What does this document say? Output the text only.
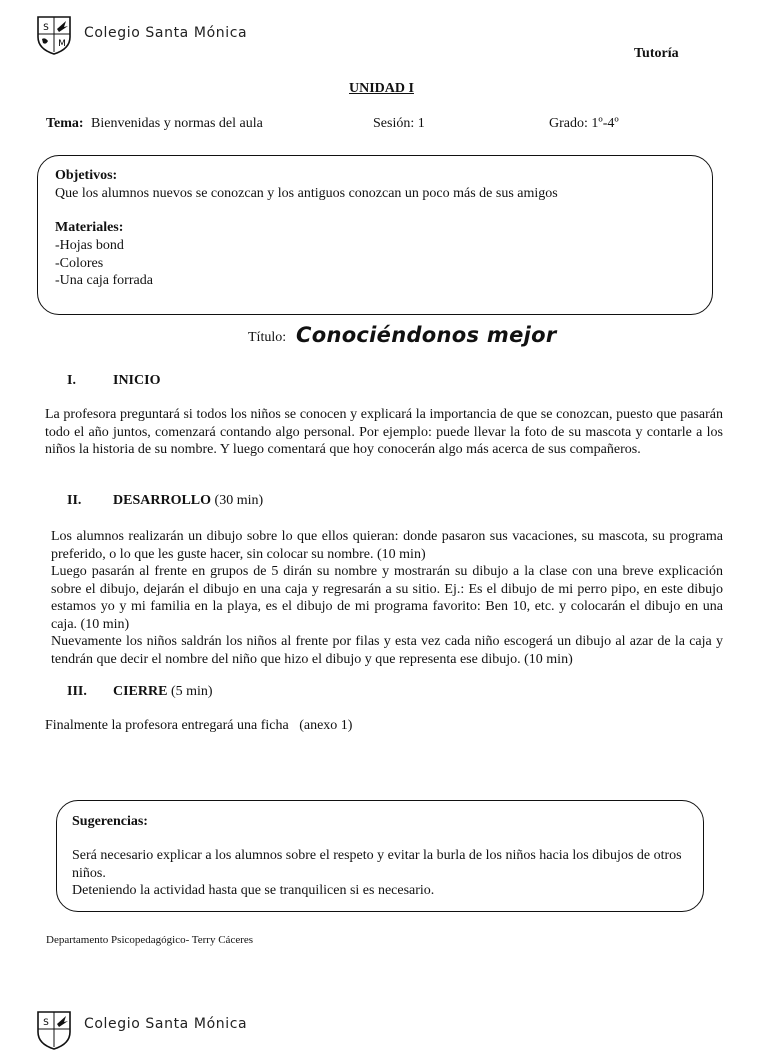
S
M
Colegio Santa Mónica
Tutoría
UNIDAD I
Tema: Bienvenidas y normas del aula	Sesión: 1	Grado: 1º-4º
Objetivos:
Que los alumnos nuevos se conozcan y los antiguos conozcan un poco más de sus amigos
Materiales:
-Hojas bond
-Colores
-Una caja forrada
Título: Conociéndonos mejor
I.	INICIO

La profesora preguntará si todos los niños se conocen y explicará la importancia de que se conozcan, puesto que pasarán todo el año juntos, comenzará contando algo personal. Por ejemplo: puede llevar la foto de su mascota y contarle a los niños la historia de su nombre. Y luego comentará que hoy conocerán algo más acerca de sus compañeros.

II. DESARROLLO (30 min)

Los alumnos realizarán un dibujo sobre lo que ellos quieran: donde pasaron sus vacaciones, su mascota, su programa preferido, o lo que les guste hacer, sin colocar su nombre. (10 min)

Luego pasarán al frente en grupos de 5 dirán su nombre y mostrarán su dibujo a la clase con una breve explicación sobre el dibujo, dejarán el dibujo en una caja y regresarán a su sitio. Ej.: Es el dibujo de mi perro pipo, en este dibujo estamos yo y mi familia en la playa, es el dibujo de mi programa favorito: Ben 10, etc. y colocarán el dibujo en una caja. (10 min)

Nuevamente los niños saldrán los niños al frente por filas y esta vez cada niño escogerá un dibujo al azar de la caja y tendrán que decir el nombre del niño que hizo el dibujo y que representa ese dibujo. (10 min)

III. CIERRE (5 min)
Finalmente la profesora entregará una ficha   (anexo 1)
Sugerencias:
Será necesario explicar a los alumnos sobre el respeto y evitar la burla de los niños hacia los dibujos de otros niños.
Deteniendo la actividad hasta que se tranquilicen si es necesario.
Departamento Psicopedagógico- Terry Cáceres
S	Colegio Santa Mónica
